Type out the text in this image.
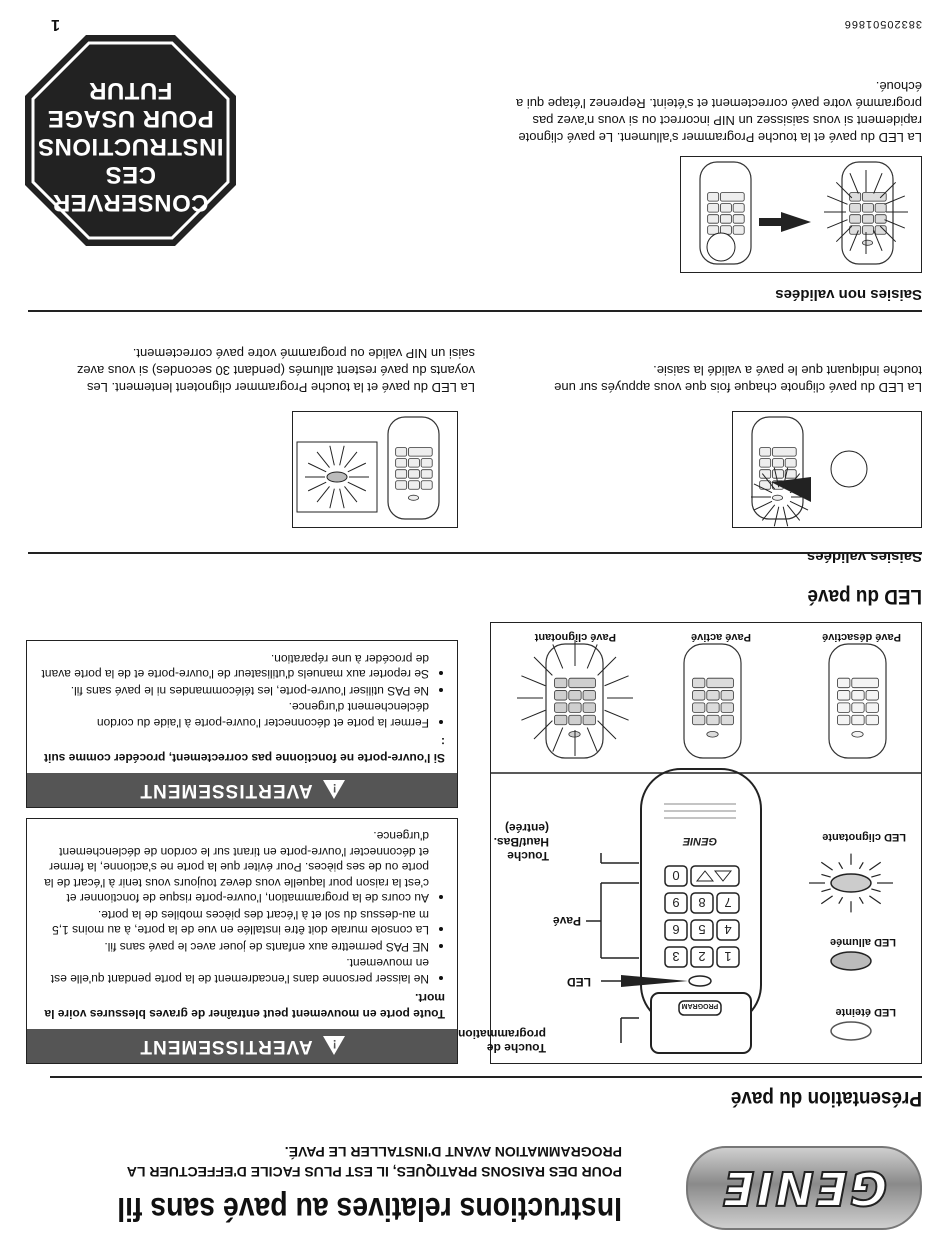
GENIE
Instructions relatives au pavé sans fil
POUR DES RAISONS PRATIQUES, IL EST PLUS FACILE D'EFFECTUER LA PROGRAMMATION AVANT D'INSTALLER LE PAVÉ.
Présentation du pavé
PROGRAM
1
2
3
4
5
6
7
8
9
0
GENIE
Touche de programmation
LED
Pavé
Touche Haut/Bas. (entrée)
LED éteinte
LED allumée
LED clignotante
Pavé désactivé
Pavé activé
Pavé clignotant
!
AVERTISSEMENT
Toute porte en mouvement peut entraîner de graves blessures voire la mort.
• Ne laisser personne dans l'encadrement de la porte pendant qu'elle est en mouvement.
• NE PAS permettre aux enfants de jouer avec le pavé sans fil.
• La console murale doit être installée en vue de la porte, à au moins 1,5 m au-dessus du sol et à l'écart des pièces mobiles de la porte.
• Au cours de la programmation, l'ouvre-porte risque de fonctionner et c'est la raison pour laquelle vous devez toujours vous tenir à l'écart de la porte ou de ses pièces. Pour éviter que la porte ne s'actionne, la fermer et déconnecter l'ouvre-porte en tirant sur le cordon de déclenchement d'urgence.
!
AVERTISSEMENT
Si l'ouvre-porte ne fonctionne pas correctement, procéder comme suit :
• Fermer la porte et déconnecter l'ouvre-porte à l'aide du cordon déclenchement d'urgence.
• Ne PAS utiliser l'ouvre-porte, les télécommandes ni le pavé sans fil.
• Se reporter aux manuels d'utilisateur de l'ouvre-porte et de la porte avant de procéder à une réparation.
LED du pavé
Saisies validées
La LED du pavé clignote chaque fois que vous appuyés sur une touche indiquant que le pavé a validé la saisie.
La LED du pavé et la touche Programmer clignotent lentement. Les voyants du pavé restent allumés (pendant 30 secondes) si vous avez saisi un NIP valide ou programmé votre pavé correctement.
Saisies non validées
La LED du pavé et la touche Programmer s'allument. Le pavé clignote rapidement si vous saisissez un NIP incorrect ou si vous n'avez pas programmé votre pavé correctement et s'éteint. Reprenez l'étape qui a échoué.
CONSERVER
CES
INSTRUCTIONS
POUR USAGE
FUTUR
1	38320501866
